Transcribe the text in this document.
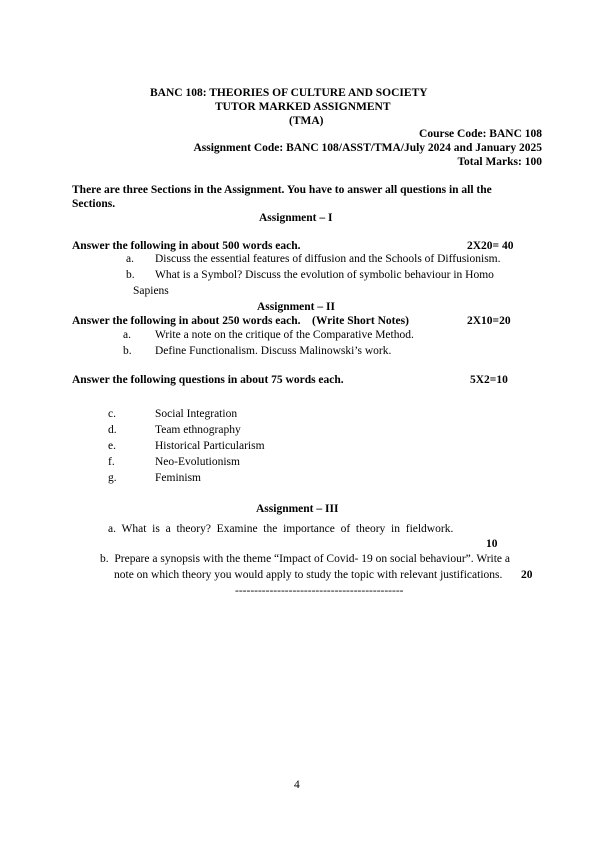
BANC 108: THEORIES OF CULTURE AND SOCIETY
TUTOR MARKED ASSIGNMENT
(TMA)
Course Code: BANC 108
Assignment Code: BANC 108/ASST/TMA/July 2024 and January 2025
Total Marks: 100
There are three Sections in the Assignment. You have to answer all questions in all the
Sections.
Assignment – I
Answer the following in about 500 words each.	2X20= 40
a. Discuss the essential features of diffusion and the Schools of Diffusionism.
b. What is a Symbol? Discuss the evolution of symbolic behaviour in Homo
Sapiens
Assignment – II
Answer the following in about 250 words each.    (Write Short Notes)	2X10=20
a. Write a note on the critique of the Comparative Method.
b. Define Functionalism. Discuss Malinowski’s work.
Answer the following questions in about 75 words each.	5X2=10
c.	Social Integration
d.	Team ethnography
e.	Historical Particularism
f.	Neo-Evolutionism
g.	Feminism
Assignment – III
a.  What  is  a  theory?  Examine  the  importance  of  theory  in  fieldwork.
10
b.  Prepare a synopsis with the theme “Impact of Covid- 19 on social behaviour”. Write a
note on which theory you would apply to study the topic with relevant justifications. 20
--------------------------------------------
4
